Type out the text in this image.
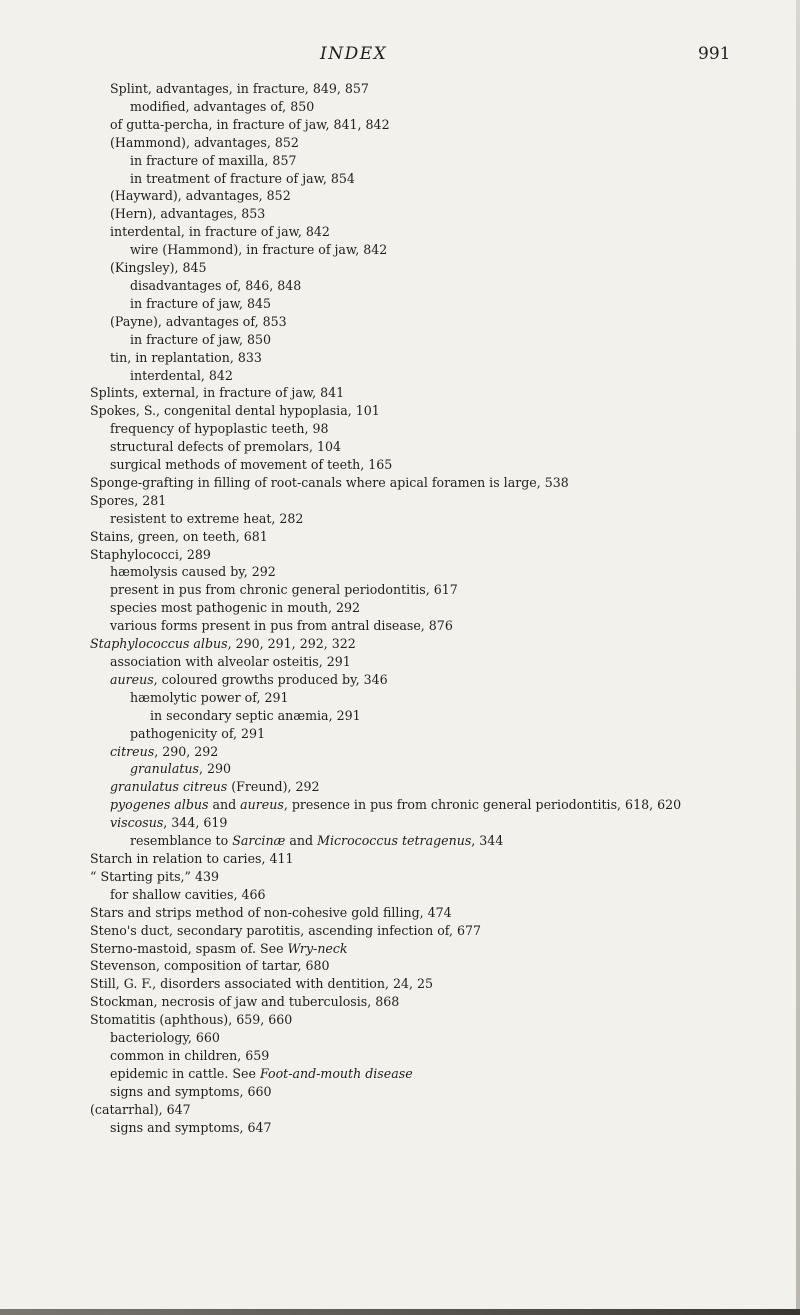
INDEX	991
Splint, advantages, in fracture, 849, 857
modified, advantages of, 850
of gutta-percha, in fracture of jaw, 841, 842
(Hammond), advantages, 852
in fracture of maxilla, 857
in treatment of fracture of jaw, 854
(Hayward), advantages, 852
(Hern), advantages, 853
interdental, in fracture of jaw, 842
wire (Hammond), in fracture of jaw, 842
(Kingsley), 845
disadvantages of, 846, 848
in fracture of jaw, 845
(Payne), advantages of, 853
in fracture of jaw, 850
tin, in replantation, 833
interdental, 842
Splints, external, in fracture of jaw, 841
Spokes, S., congenital dental hypoplasia, 101
frequency of hypoplastic teeth, 98
structural defects of premolars, 104
surgical methods of movement of teeth, 165
Sponge-grafting in filling of root-canals where apical foramen is large, 538
Spores, 281
resistent to extreme heat, 282
Stains, green, on teeth, 681
Staphylococci, 289
hæmolysis caused by, 292
present in pus from chronic general periodontitis, 617
species most pathogenic in mouth, 292
various forms present in pus from antral disease, 876
Staphylococcus albus, 290, 291, 292, 322
association with alveolar osteitis, 291
aureus, coloured growths produced by, 346
hæmolytic power of, 291
in secondary septic anæmia, 291
pathogenicity of, 291
citreus, 290, 292
granulatus, 290
granulatus citreus (Freund), 292
pyogenes albus and aureus, presence in pus from chronic general periodontitis, 618, 620
viscosus, 344, 619
resemblance to Sarcinæ and Micrococcus tetragenus, 344
Starch in relation to caries, 411
“ Starting pits,” 439
for shallow cavities, 466
Stars and strips method of non-cohesive gold filling, 474
Steno's duct, secondary parotitis, ascending infection of, 677
Sterno-mastoid, spasm of. See Wry-neck
Stevenson, composition of tartar, 680
Still, G. F., disorders associated with dentition, 24, 25
Stockman, necrosis of jaw and tuberculosis, 868
Stomatitis (aphthous), 659, 660
bacteriology, 660
common in children, 659
epidemic in cattle. See Foot-and-mouth disease
signs and symptoms, 660
(catarrhal), 647
signs and symptoms, 647
